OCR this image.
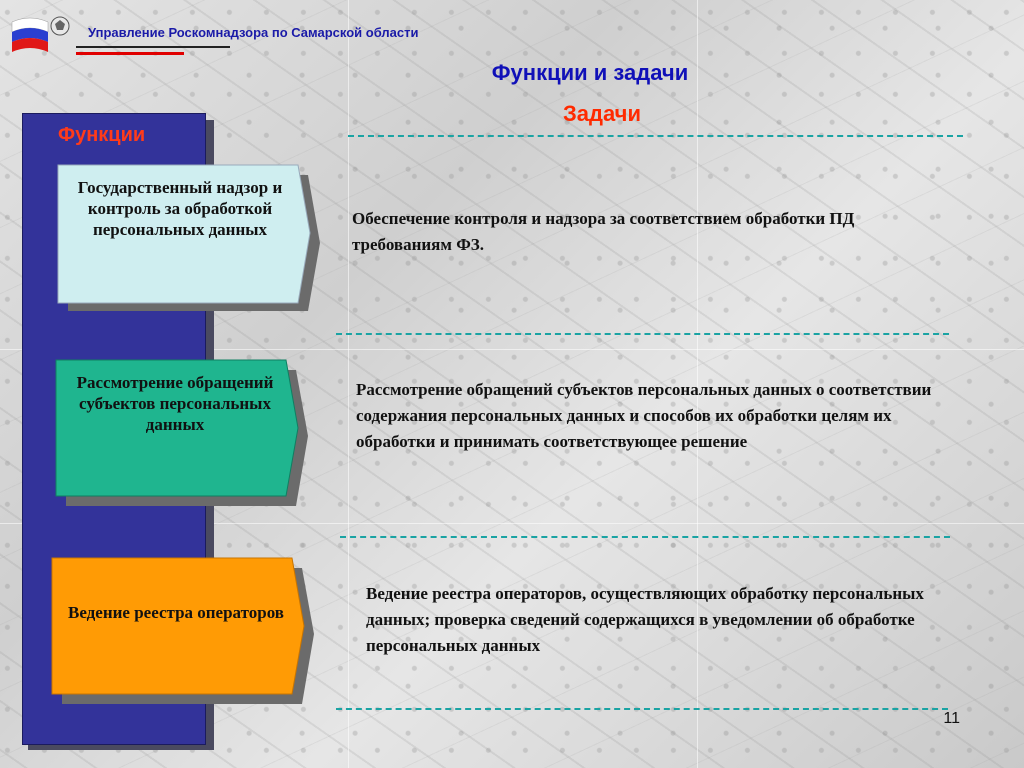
Управление Роскомнадзора по Самарской области
Функции и задачи
Задачи
Функции
Государственный надзор и контроль за обработкой персональных данных
Рассмотрение обращений субъектов персональных данных
Ведение реестра операторов
Обеспечение контроля и надзора за соответствием обработки ПД требованиям ФЗ.
Рассмотрение обращений субъектов персональных данных о соответствии содержания персональных данных и способов их обработки целям их обработки и принимать соответствующее решение
Ведение реестра операторов, осуществляющих обработку персональных данных; проверка сведений содержащихся в уведомлении об обработке персональных данных
11
